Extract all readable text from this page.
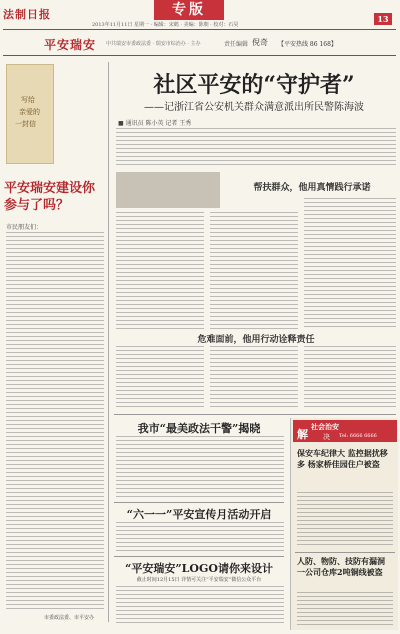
法制日报	专版
2013年11月11日 星期一 · 编辑：宋鹤 · 美编：陈朝 · 校对：石昊
13
平安瑞安 中共瑞安市委政法委 · 瑞安市综治办 · 主办	责任编辑 倪奇 【平安热线 86 168】
写给
亲爱的
一封信
平安瑞安建设你参与了吗？
市民朋友们：
市委政法委、市平安办
社区平安的“守护者”
——记浙江省公安机关群众满意派出所民警陈海波
■ 通讯员 陈小英 记者 王秀
帮扶群众，他用真情践行承诺
危难面前，他用行动诠释责任
我市“最美政法干警”揭晓
“六一一”平安宣传月活动开启
“平安瑞安”LOGO请你来设计
截止时间12月15日 详情可关注“平安瑞安”微信公众平台
社会治安
解 决 Tel: 6666 6666
保安车纪律大 监控据扰移多 杨家桥佳园住户被盗
人防、物防、技防有漏洞 一公司仓库2吨铜线被盗
